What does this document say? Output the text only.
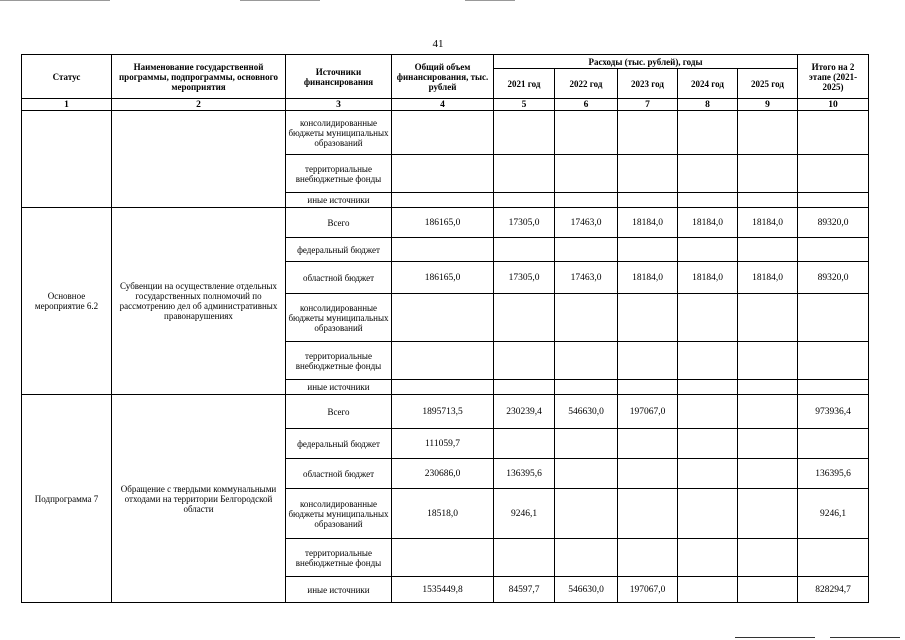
41
Статус	Наименование государственной программы, подпрограммы, основного мероприятия	Источники финансирования	Общий объем финансирования, тыс. рублей	Расходы (тыс. рублей), годы					Итого на 2 этапе (2021-2025)
				2021 год	2022 год	2023 год	2024 год	2025 год	
1	2	3	4	5	6	7	8	9	10
		консолидированные бюджеты муниципальных образований							
		территориальные внебюджетные фонды							
		иные источники							
Основное мероприятие 6.2	Субвенции на осуществление отдельных государственных полномочий по рассмотрению дел об административных правонарушениях	Всего	186165,0	17305,0	17463,0	18184,0	18184,0	18184,0	89320,0
		федеральный бюджет							
		областной бюджет	186165,0	17305,0	17463,0	18184,0	18184,0	18184,0	89320,0
		консолидированные бюджеты муниципальных образований							
		территориальные внебюджетные фонды							
		иные источники							
Подпрограмма 7	Обращение с твердыми коммунальными отходами на территории Белгородской области	Всего	1895713,5	230239,4	546630,0	197067,0			973936,4
		федеральный бюджет	111059,7						
		областной бюджет	230686,0	136395,6					136395,6
		консолидированные бюджеты муниципальных образований	18518,0	9246,1					9246,1
		территориальные внебюджетные фонды							
		иные источники	1535449,8	84597,7	546630,0	197067,0			828294,7
